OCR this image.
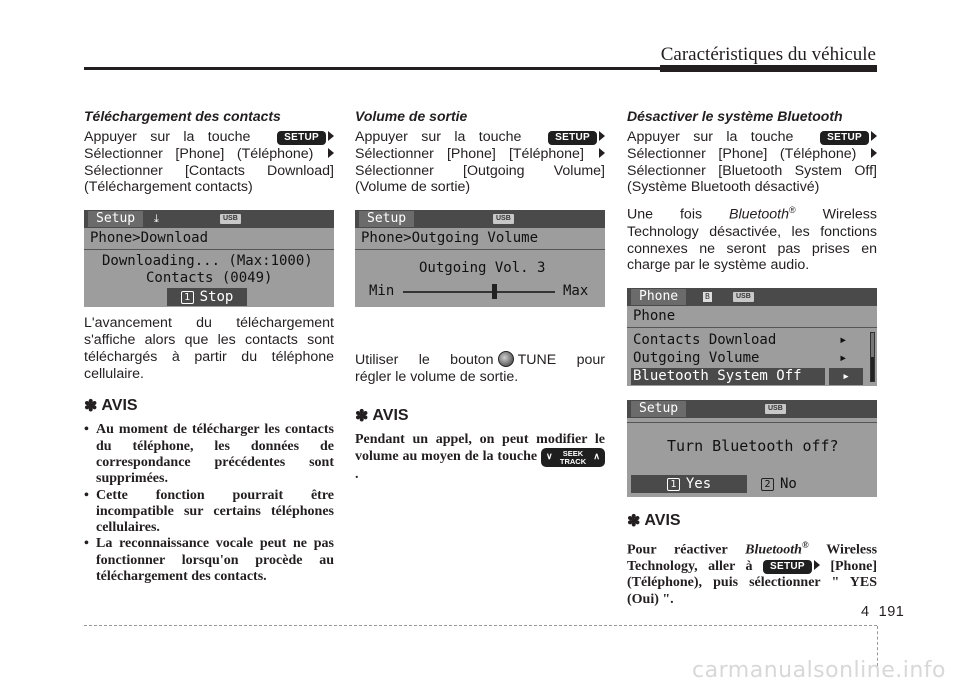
Caractéristiques du véhicule
Téléchargement des contacts
Appuyer sur la touche	SETUP
Sélectionner [Phone] (Téléphone)
Sélectionner [Contacts Download]
(Téléchargement contacts)
Setup	⤓	USB
Phone>Download
Downloading... (Max:1000)
Contacts (0049)
1 Stop
L'avancement du téléchargement s'affiche alors que les contacts sont téléchargés à partir du téléphone cellulaire.
✽ AVIS
• Au moment de télécharger les contacts du téléphone, les données de correspondance précédentes sont supprimées.
• Cette fonction pourrait être incompatible sur certains téléphones cellulaires.
• La reconnaissance vocale peut ne pas fonctionner lorsqu'on procède au téléchargement des contacts.
Volume de sortie
Appuyer sur la touche	SETUP
Sélectionner [Phone] [Téléphone]
Sélectionner [Outgoing Volume]
(Volume de sortie)
Setup	USB
Phone>Outgoing Volume
Outgoing Vol. 3
Min	Max
Utiliser le bouton TUNE pour
régler le volume de sortie.
✽ AVIS
Pendant un appel, on peut modifier le volume au moyen de la touche ∨ SEEK
TRACK
∧
.
Désactiver le système Bluetooth
Appuyer sur la touche	SETUP
Sélectionner [Phone] (Téléphone)
Sélectionner [Bluetooth System Off]
(Système Bluetooth désactivé)
Une fois Bluetooth® Wireless Technology désactivée, les fonctions connexes ne seront pas prises en charge par le système audio.
Phone	B	USB
Phone
Contacts Download	▸
Outgoing Volume	▸
Bluetooth System Off	▸
Setup	USB
Turn Bluetooth off?
1 Yes	2 No
✽ AVIS
Pour réactiver Bluetooth® Wireless Technology, aller à SETUP [Phone] (Téléphone), puis sélectionner " YES (Oui) ".
4 191
carmanualsonline.info
